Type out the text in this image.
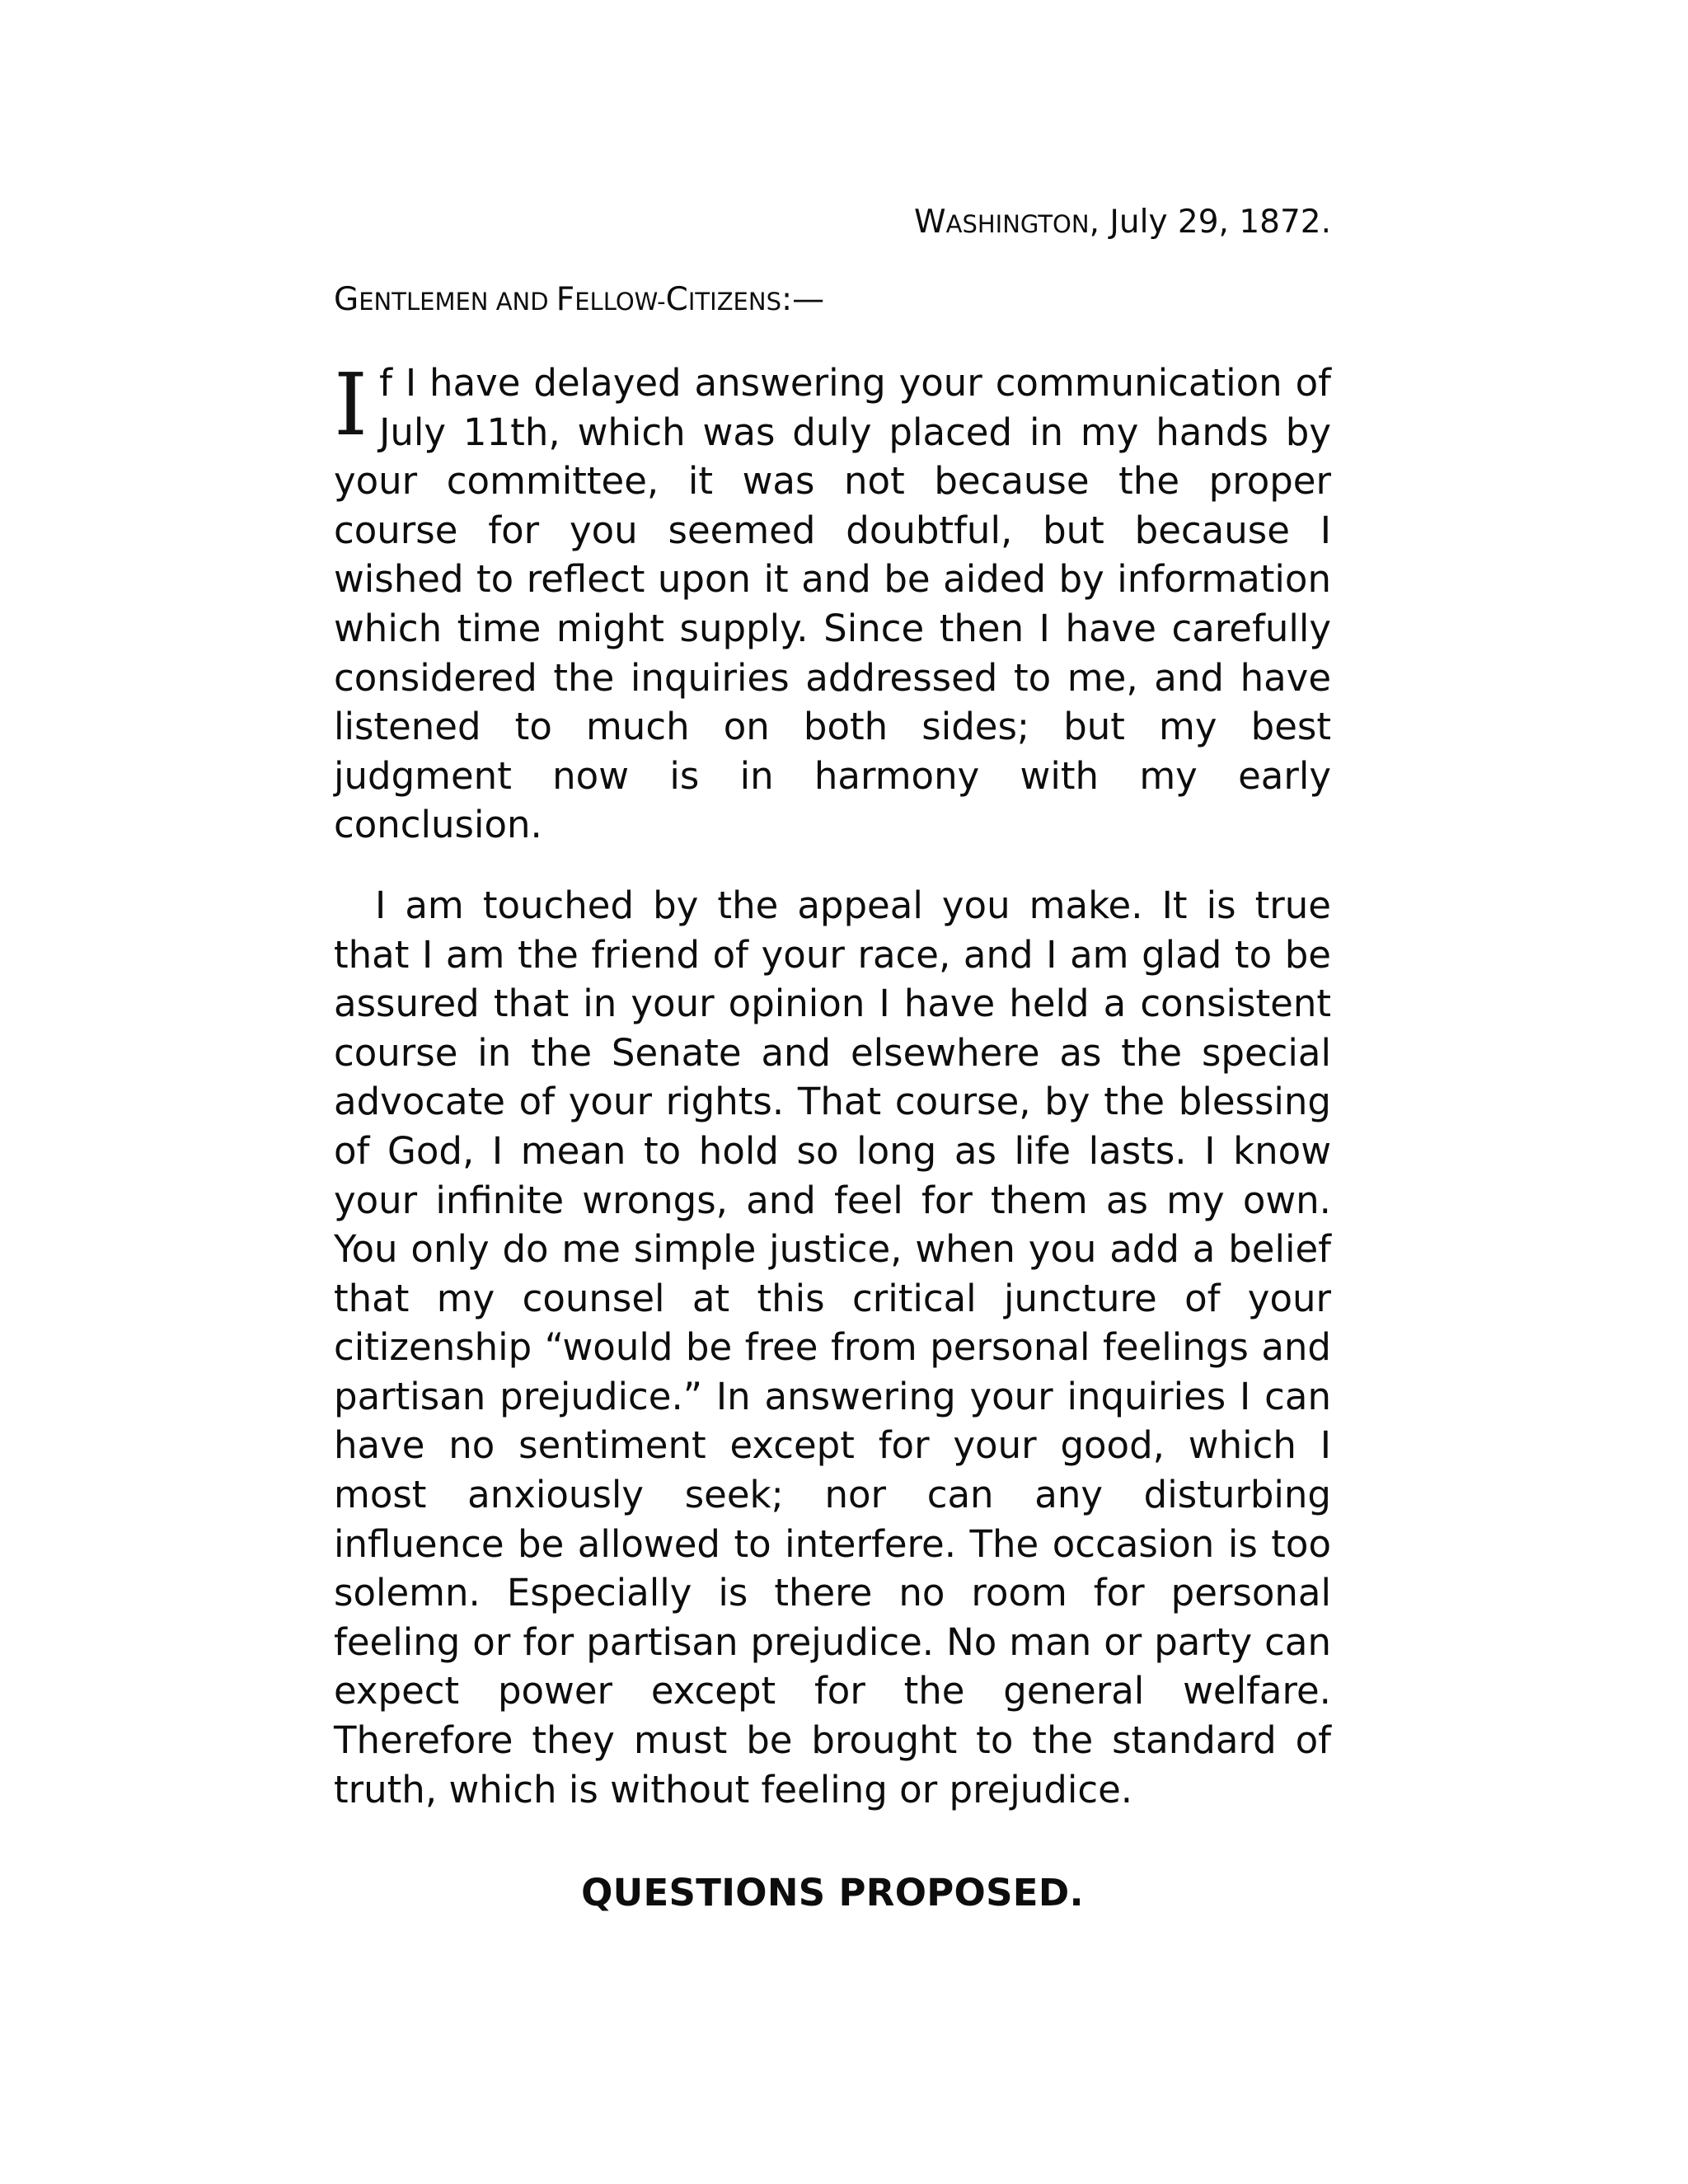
WASHINGTON, July 29, 1872.

GENTLEMEN AND FELLOW-CITIZENS:—

If I have delayed answering your communication of July 11th, which was duly placed in my hands by your committee, it was not because the proper course for you seemed doubtful, but because I wished to reflect upon it and be aided by information which time might supply. Since then I have carefully considered the inquiries addressed to me, and have listened to much on both sides; but my best judgment now is in harmony with my early conclusion.

I am touched by the appeal you make. It is true that I am the friend of your race, and I am glad to be assured that in your opinion I have held a consistent course in the Senate and elsewhere as the special advocate of your rights. That course, by the blessing of God, I mean to hold so long as life lasts. I know your infinite wrongs, and feel for them as my own. You only do me simple justice, when you add a belief that my counsel at this critical juncture of your citizenship “would be free from personal feelings and partisan prejudice.” In answering your inquiries I can have no sentiment except for your good, which I most anxiously seek; nor can any disturbing influence be allowed to interfere. The occasion is too solemn. Especially is there no room for personal feeling or for partisan prejudice. No man or party can expect power except for the general welfare. Therefore they must be brought to the standard of truth, which is without feeling or prejudice.

QUESTIONS PROPOSED.
